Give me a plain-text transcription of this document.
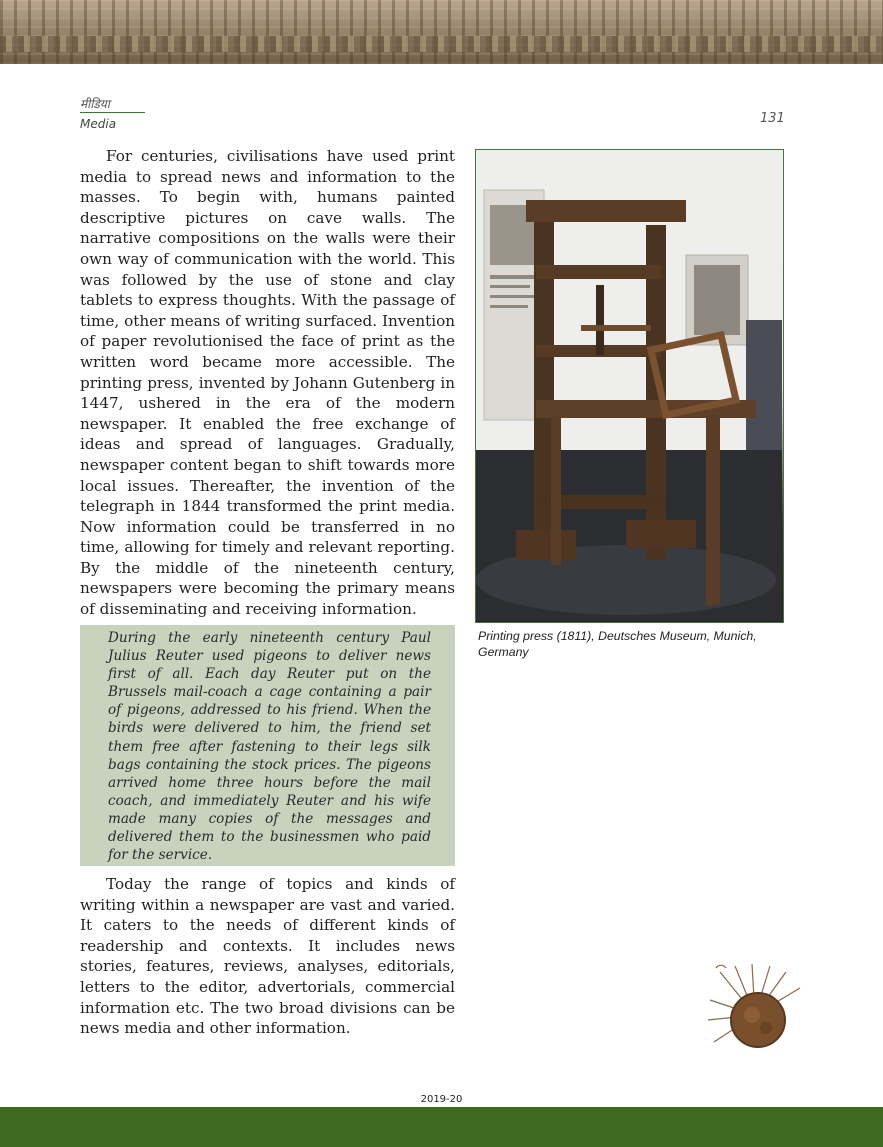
मीडिया
Media	131

For centuries, civilisations have used print media to spread news and information to the masses. To begin with, humans painted descriptive pictures on cave walls. The narrative compositions on the walls were their own way of communication with the world. This was followed by the use of stone and clay tablets to express thoughts. With the passage of time, other means of writing surfaced. Invention of paper revolutionised the face of print as the written word became more accessible. The printing press, invented by Johann Gutenberg in 1447, ushered in the era of the modern newspaper. It enabled the free exchange of ideas and spread of languages. Gradually, newspaper content began to shift towards more local issues. Thereafter, the invention of the telegraph in 1844 transformed the print media. Now information could be transferred in no time, allowing for timely and relevant reporting. By the middle of the nineteenth century, newspapers were becoming the primary means of disseminating and receiving information.

During the early nineteenth century Paul Julius Reuter used pigeons to deliver news first of all. Each day Reuter put on the Brussels mail-coach a cage containing a pair of pigeons, addressed to his friend. When the birds were delivered to him, the friend set them free after fastening to their legs silk bags containing the stock prices. The pigeons arrived home three hours before the mail coach, and immediately Reuter and his wife made many copies of the messages and delivered them to the businessmen who paid for the service.

Today the range of topics and kinds of writing within a newspaper are vast and varied. It caters to the needs of different kinds of readership and contexts. It includes news stories, features, reviews, analyses, editorials, letters to the editor, advertorials, commercial information etc. The two broad divisions can be news media and other information.

Printing press (1811), Deutsches Museum, Munich, Germany
2019-20
